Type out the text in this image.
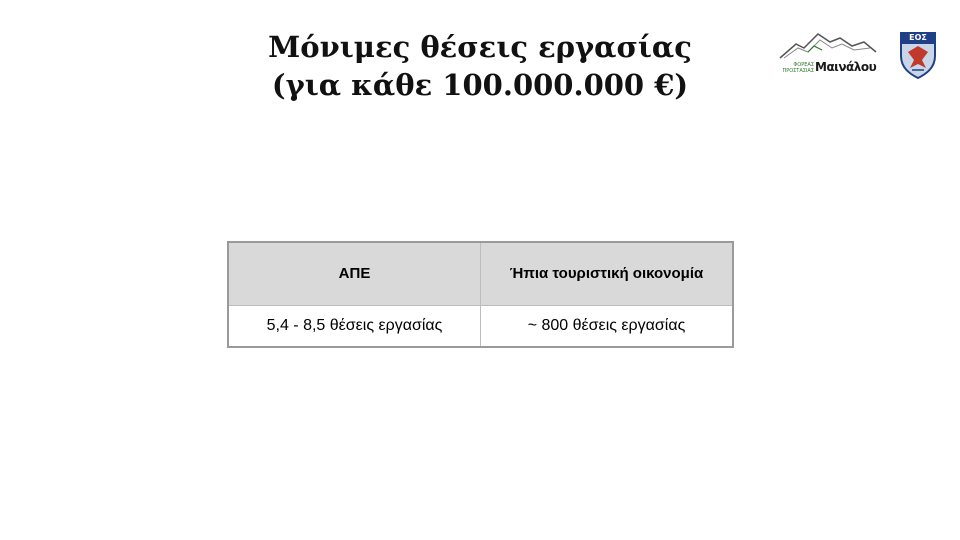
Μόνιμες θέσεις εργασίας
(για κάθε 100.000.000 €)
ΦΟΡΕΑΣ
ΠΡΟΣΤΑΣΙΑΣ Μαινάλου
ΕΟΣ
ΑΠΕ	Ήπια τουριστική οικονομία
5,4 - 8,5 θέσεις εργασίας	~ 800 θέσεις εργασίας
